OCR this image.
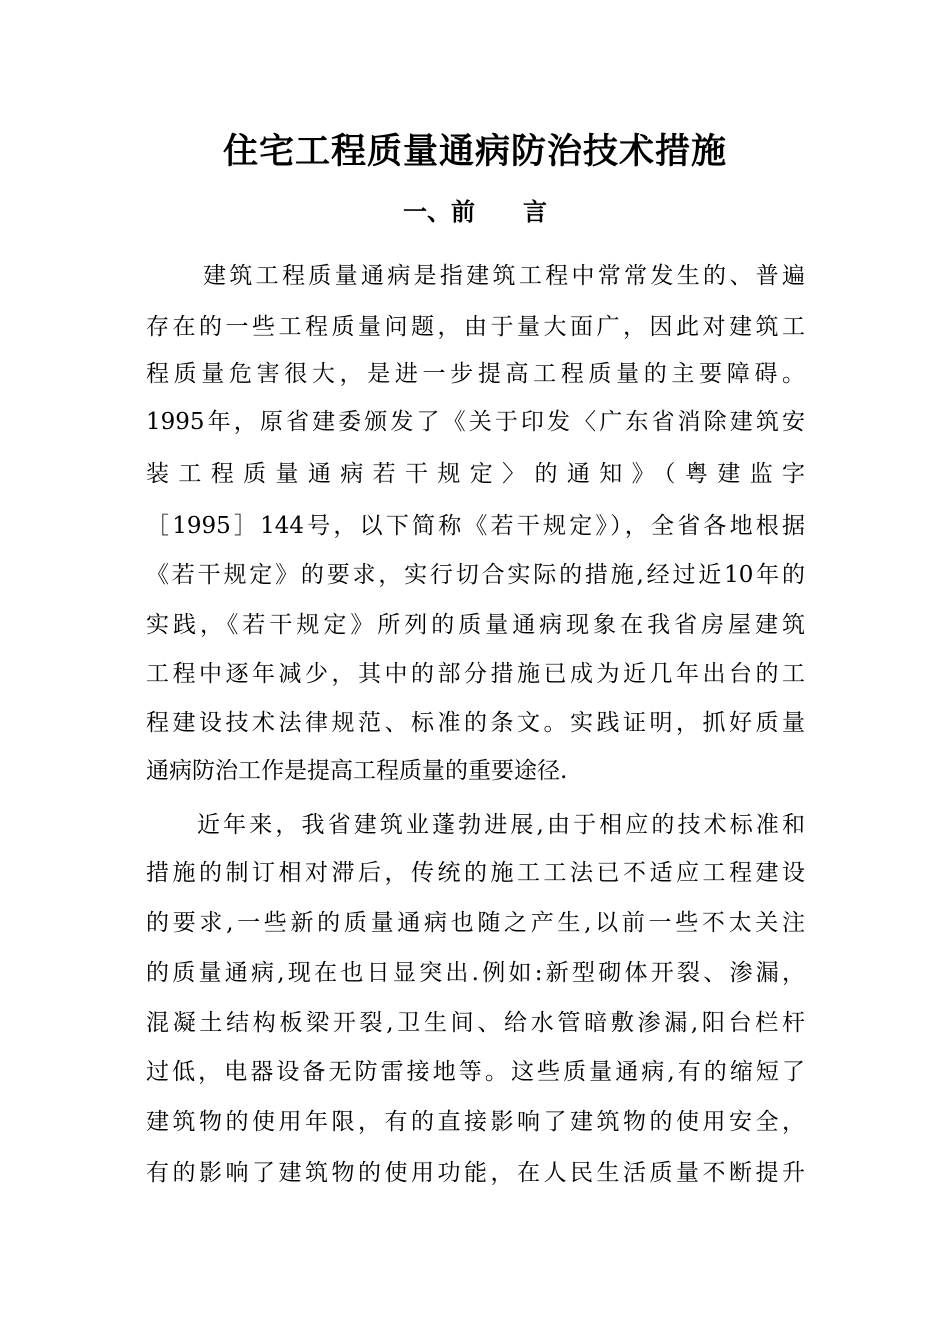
住宅工程质量通病防治技术措施
一、前　　言
建筑工程质量通病是指建筑工程中常常发生的、普遍
存在的一些工程质量问题，由于量大面广，因此对建筑工
程质量危害很大，是进一步提高工程质量的主要障碍。
1995年，原省建委颁发了《关于印发〈广东省消除建筑安
装工程质量通病若干规定〉的通知》（粤建监字
［1995］144号，以下简称《若干规定》），全省各地根据
《若干规定》的要求，实行切合实际的措施,经过近10年的
实践，《若干规定》所列的质量通病现象在我省房屋建筑
工程中逐年减少，其中的部分措施已成为近几年出台的工
程建设技术法律规范、标准的条文。实践证明，抓好质量
通病防治工作是提高工程质量的重要途径.
近年来，我省建筑业蓬勃进展,由于相应的技术标准和
措施的制订相对滞后，传统的施工工法已不适应工程建设
的要求,一些新的质量通病也随之产生,以前一些不太关注
的质量通病,现在也日显突出.例如:新型砌体开裂、渗漏，
混凝土结构板梁开裂,卫生间、给水管暗敷渗漏,阳台栏杆
过低，电器设备无防雷接地等。这些质量通病,有的缩短了
建筑物的使用年限，有的直接影响了建筑物的使用安全，
有的影响了建筑物的使用功能，在人民生活质量不断提升
